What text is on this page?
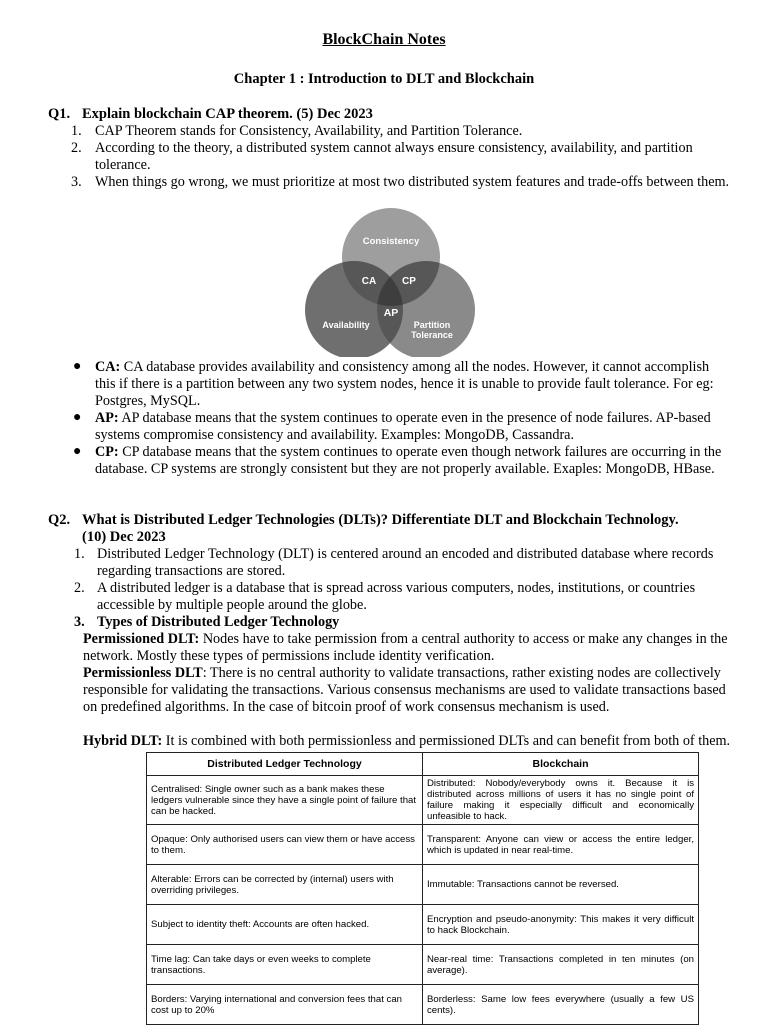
BlockChain Notes
Chapter 1 : Introduction to DLT and Blockchain
Q1. Explain blockchain CAP theorem. (5) Dec 2023
1. CAP Theorem stands for Consistency, Availability, and Partition Tolerance.
2. According to the theory, a distributed system cannot always ensure consistency, availability, and partition tolerance.
3. When things go wrong, we must prioritize at most two distributed system features and trade-offs between them.
Consistency
CA	CP
AP
Availability	Partition
Tolerance
● CA: CA database provides availability and consistency among all the nodes. However, it cannot accomplish this if there is a partition between any two system nodes, hence it is unable to provide fault tolerance. For eg: Postgres, MySQL.
● AP: AP database means that the system continues to operate even in the presence of node failures. AP-based systems compromise consistency and availability. Examples: MongoDB, Cassandra.
● CP: CP database means that the system continues to operate even though network failures are occurring in the database. CP systems are strongly consistent but they are not properly available. Exaples: MongoDB, HBase.
Q2. What is Distributed Ledger Technologies (DLTs)? Differentiate DLT and Blockchain Technology.
(10) Dec 2023
1. Distributed Ledger Technology (DLT) is centered around an encoded and distributed database where records regarding transactions are stored.
2. A distributed ledger is a database that is spread across various computers, nodes, institutions, or countries accessible by multiple people around the globe.
3. Types of Distributed Ledger Technology
Permissioned DLT: Nodes have to take permission from a central authority to access or make any changes in the network. Mostly these types of permissions include identity verification.
Permissionless DLT: There is no central authority to validate transactions, rather existing nodes are collectively responsible for validating the transactions. Various consensus mechanisms are used to validate transactions based on predefined algorithms. In the case of bitcoin proof of work consensus mechanism is used.
Hybrid DLT: It is combined with both permissionless and permissioned DLTs and can benefit from both of them.
Distributed Ledger Technology	Blockchain
Centralised: Single owner such as a bank makes these ledgers vulnerable since they have a single point of failure that can be hacked.	Distributed: Nobody/everybody owns it. Because it is distributed across millions of users it has no single point of failure making it especially difficult and economically unfeasible to hack.
Opaque: Only authorised users can view them or have access to them.	Transparent: Anyone can view or access the entire ledger, which is updated in near real-time.
Alterable: Errors can be corrected by (internal) users with overriding privileges.	Immutable: Transactions cannot be reversed.
Subject to identity theft: Accounts are often hacked.	Encryption and pseudo-anonymity: This makes it very difficult to hack Blockchain.
Time lag: Can take days or even weeks to complete transactions.	Near-real time: Transactions completed in ten minutes (on average).
Borders: Varying international and conversion fees that can cost up to 20%	Borderless: Same low fees everywhere (usually a few US cents).
